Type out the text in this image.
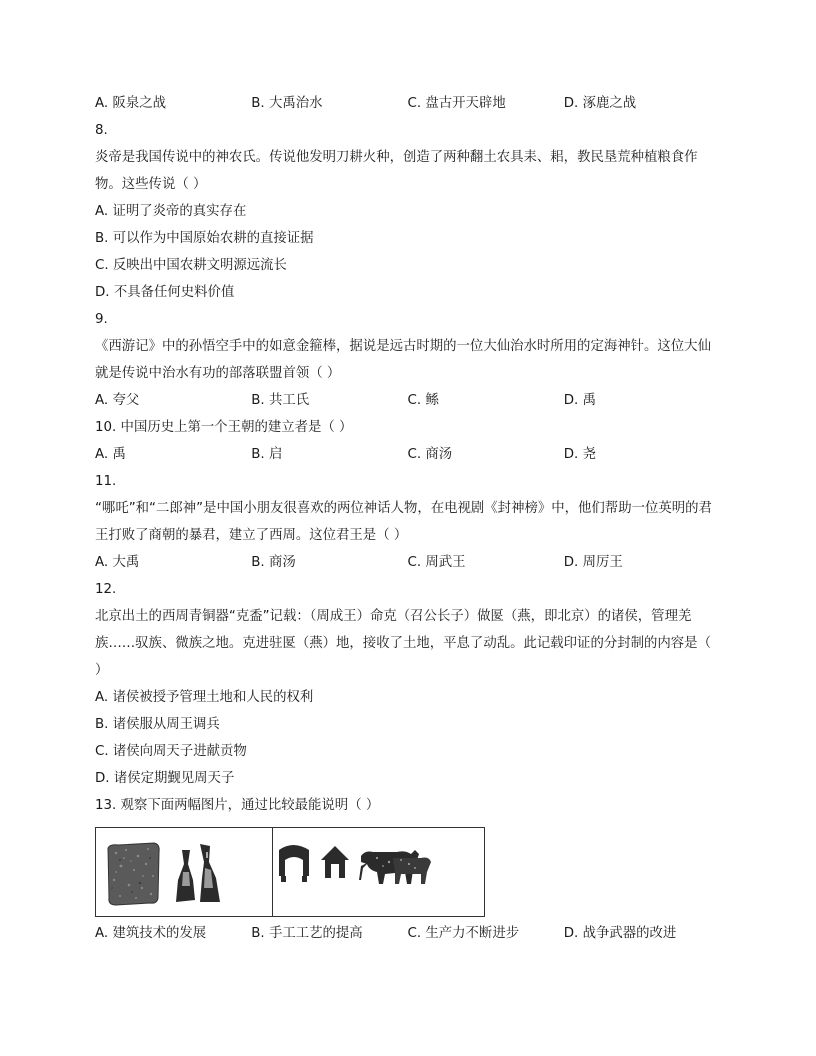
A. 阪泉之战	B. 大禹治水	C. 盘古开天辟地	D. 涿鹿之战
8.
炎帝是我国传说中的神农氏。传说他发明刀耕火种，创造了两种翻土农具耒、耜，教民垦荒种植粮食作物。这些传说（ ）
A. 证明了炎帝的真实存在
B. 可以作为中国原始农耕的直接证据
C. 反映出中国农耕文明源远流长
D. 不具备任何史料价值
9.
《西游记》中的孙悟空手中的如意金箍棒，据说是远古时期的一位大仙治水时所用的定海神针。这位大仙就是传说中治水有功的部落联盟首领（ ）
A. 夸父	B. 共工氏	C. 鲧	D. 禹
10. 中国历史上第一个王朝的建立者是（ ）
A. 禹	B. 启	C. 商汤	D. 尧
11.
“哪吒”和“二郎神”是中国小朋友很喜欢的两位神话人物，在电视剧《封神榜》中，他们帮助一位英明的君王打败了商朝的暴君，建立了西周。这位君王是（ ）
A. 大禹	B. 商汤	C. 周武王	D. 周厉王
12.
北京出土的西周青铜器“克盉”记载：（周成王）命克（召公长子）做匽（燕，即北京）的诸侯，管理羌族……驭族、微族之地。克进驻匽（燕）地，接收了土地，平息了动乱。此记载印证的分封制的内容是（ ）
A. 诸侯被授予管理土地和人民的权利
B. 诸侯服从周王调兵
C. 诸侯向周天子进献贡物
D. 诸侯定期觐见周天子
13. 观察下面两幅图片，通过比较最能说明（ ）
A. 建筑技术的发展	B. 手工工艺的提高	C. 生产力不断进步	D. 战争武器的改进
